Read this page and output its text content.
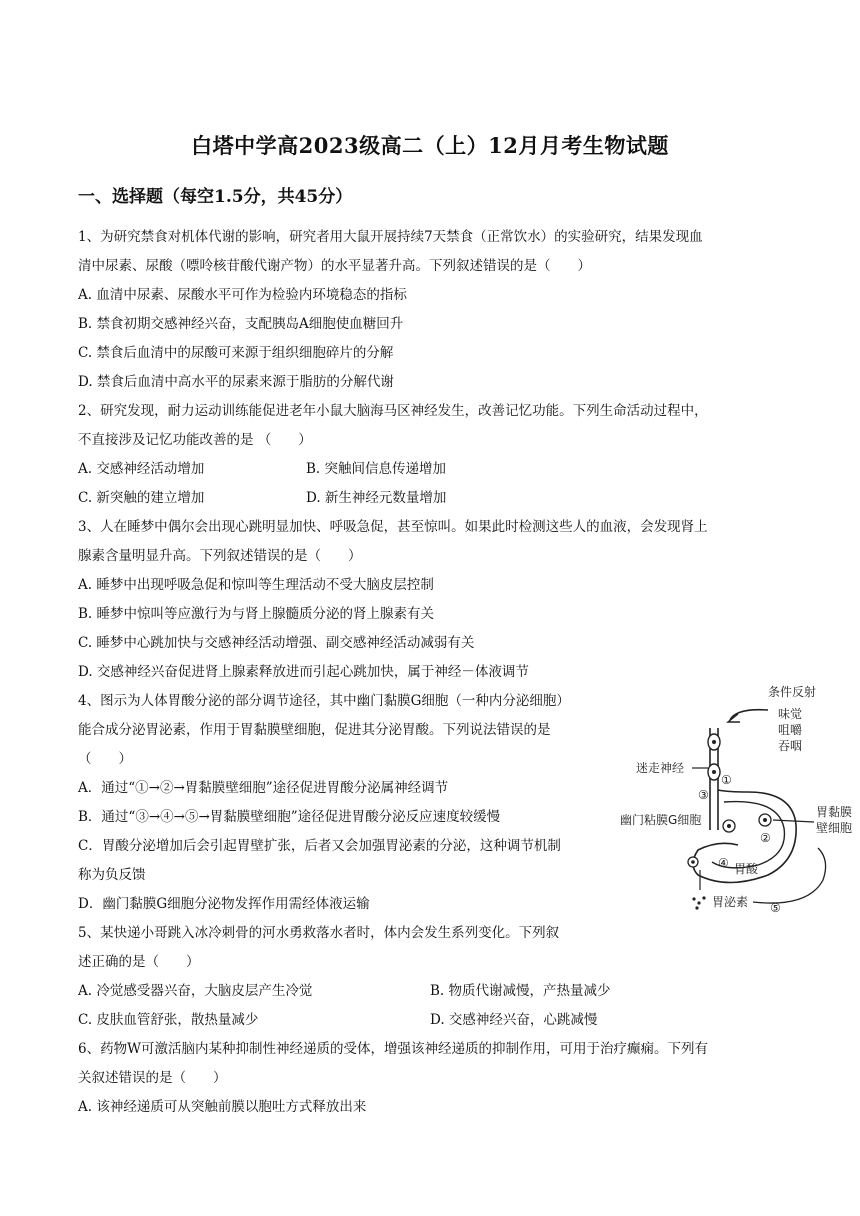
白塔中学高2023级高二（上）12月月考生物试题
一、选择题（每空1.5分，共45分）
1、为研究禁食对机体代谢的影响，研究者用大鼠开展持续7天禁食（正常饮水）的实验研究，结果发现血
清中尿素、尿酸（嘌呤核苷酸代谢产物）的水平显著升高。下列叙述错误的是（　　）
A. 血清中尿素、尿酸水平可作为检验内环境稳态的指标
B. 禁食初期交感神经兴奋，支配胰岛A细胞使血糖回升
C. 禁食后血清中的尿酸可来源于组织细胞碎片的分解
D. 禁食后血清中高水平的尿素来源于脂肪的分解代谢
2、研究发现，耐力运动训练能促进老年小鼠大脑海马区神经发生，改善记忆功能。下列生命活动过程中，
不直接涉及记忆功能改善的是 （　　）
A. 交感神经活动增加	B. 突触间信息传递增加
C. 新突触的建立增加	D. 新生神经元数量增加
3、人在睡梦中偶尔会出现心跳明显加快、呼吸急促，甚至惊叫。如果此时检测这些人的血液，会发现肾上
腺素含量明显升高。下列叙述错误的是（　　）
A. 睡梦中出现呼吸急促和惊叫等生理活动不受大脑皮层控制
B. 睡梦中惊叫等应激行为与肾上腺髓质分泌的肾上腺素有关
C. 睡梦中心跳加快与交感神经活动增强、副交感神经活动减弱有关
D. 交感神经兴奋促进肾上腺素释放进而引起心跳加快，属于神经－体液调节
4、图示为人体胃酸分泌的部分调节途径，其中幽门黏膜G细胞（一种内分泌细胞）
能合成分泌胃泌素，作用于胃黏膜壁细胞，促进其分泌胃酸。下列说法错误的是
（　　）
A．通过“①→②→胃黏膜壁细胞”途径促进胃酸分泌属神经调节
B．通过“③→④→⑤→胃黏膜壁细胞”途径促进胃酸分泌反应速度较缓慢
C．胃酸分泌增加后会引起胃壁扩张，后者又会加强胃泌素的分泌，这种调节机制
称为负反馈
D．幽门黏膜G细胞分泌物发挥作用需经体液运输
5、某快递小哥跳入冰冷刺骨的河水勇救落水者时，体内会发生系列变化。下列叙
述正确的是（　　）
A. 冷觉感受器兴奋，大脑皮层产生冷觉	B. 物质代谢减慢，产热量减少
C. 皮肤血管舒张，散热量减少	D. 交感神经兴奋，心跳减慢
6、药物W可激活脑内某种抑制性神经递质的受体，增强该神经递质的抑制作用，可用于治疗癫痫。下列有
关叙述错误的是（　　）
A. 该神经递质可从突触前膜以胞吐方式释放出来
条件反射
味觉
咀嚼
吞咽
迷走神经
①
③
②
幽门粘膜G细胞
胃黏膜
壁细胞
④ 胃酸
胃泌素 ⑤
